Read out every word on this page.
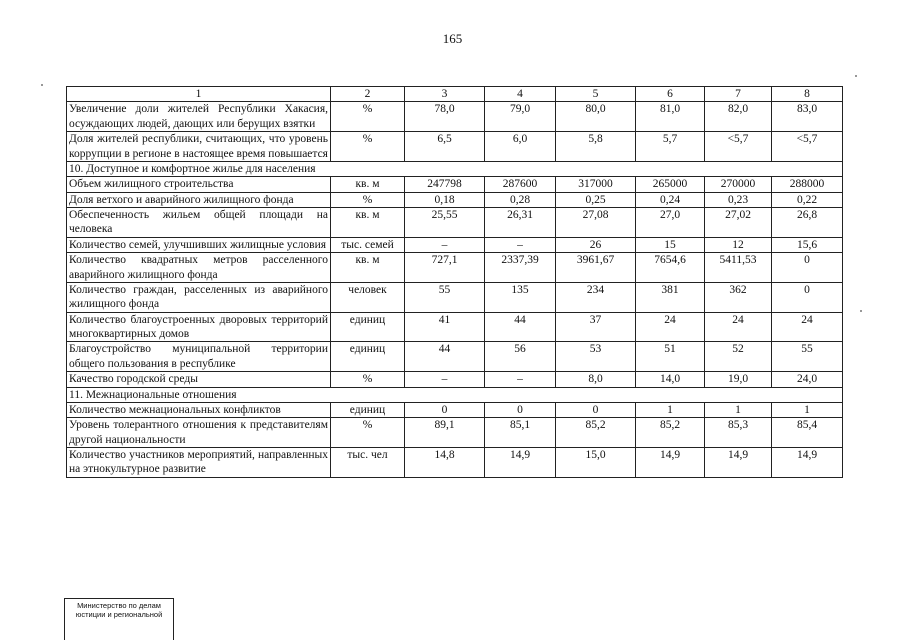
165
1	2	3	4	5	6	7	8
Увеличение доли жителей Республики Хакасия, осуждающих людей, дающих или берущих взятки	%	78,0	79,0	80,0	81,0	82,0	83,0
Доля жителей республики, считающих, что уровень коррупции в регионе в настоящее время повышается	%	6,5	6,0	5,8	5,7	<5,7	<5,7
10. Доступное и комфортное жилье для населения							
Объем жилищного строительства	кв. м	247798	287600	317000	265000	270000	288000
Доля ветхого и аварийного жилищного фонда	%	0,18	0,28	0,25	0,24	0,23	0,22
Обеспеченность жильем общей площади на человека	кв. м	25,55	26,31	27,08	27,0	27,02	26,8
Количество семей, улучшивших жилищные условия	тыс. семей	–	–	26	15	12	15,6
Количество квадратных метров расселенного аварийного жилищного фонда	кв. м	727,1	2337,39	3961,67	7654,6	5411,53	0
Количество граждан, расселенных из аварийного жилищного фонда	человек	55	135	234	381	362	0
Количество благоустроенных дворовых территорий многоквартирных домов	единиц	41	44	37	24	24	24
Благоустройство муниципальной территории общего пользования в республике	единиц	44	56	53	51	52	55
Качество городской среды	%	–	–	8,0	14,0	19,0	24,0
11. Межнациональные отношения							
Количество межнациональных конфликтов	единиц	0	0	0	1	1	1
Уровень толерантного отношения к представителям другой национальности	%	89,1	85,1	85,2	85,2	85,3	85,4
Количество участников мероприятий, направленных на этнокультурное развитие	тыс. чел	14,8	14,9	15,0	14,9	14,9	14,9
Министерство по делам
юстиции и региональной
